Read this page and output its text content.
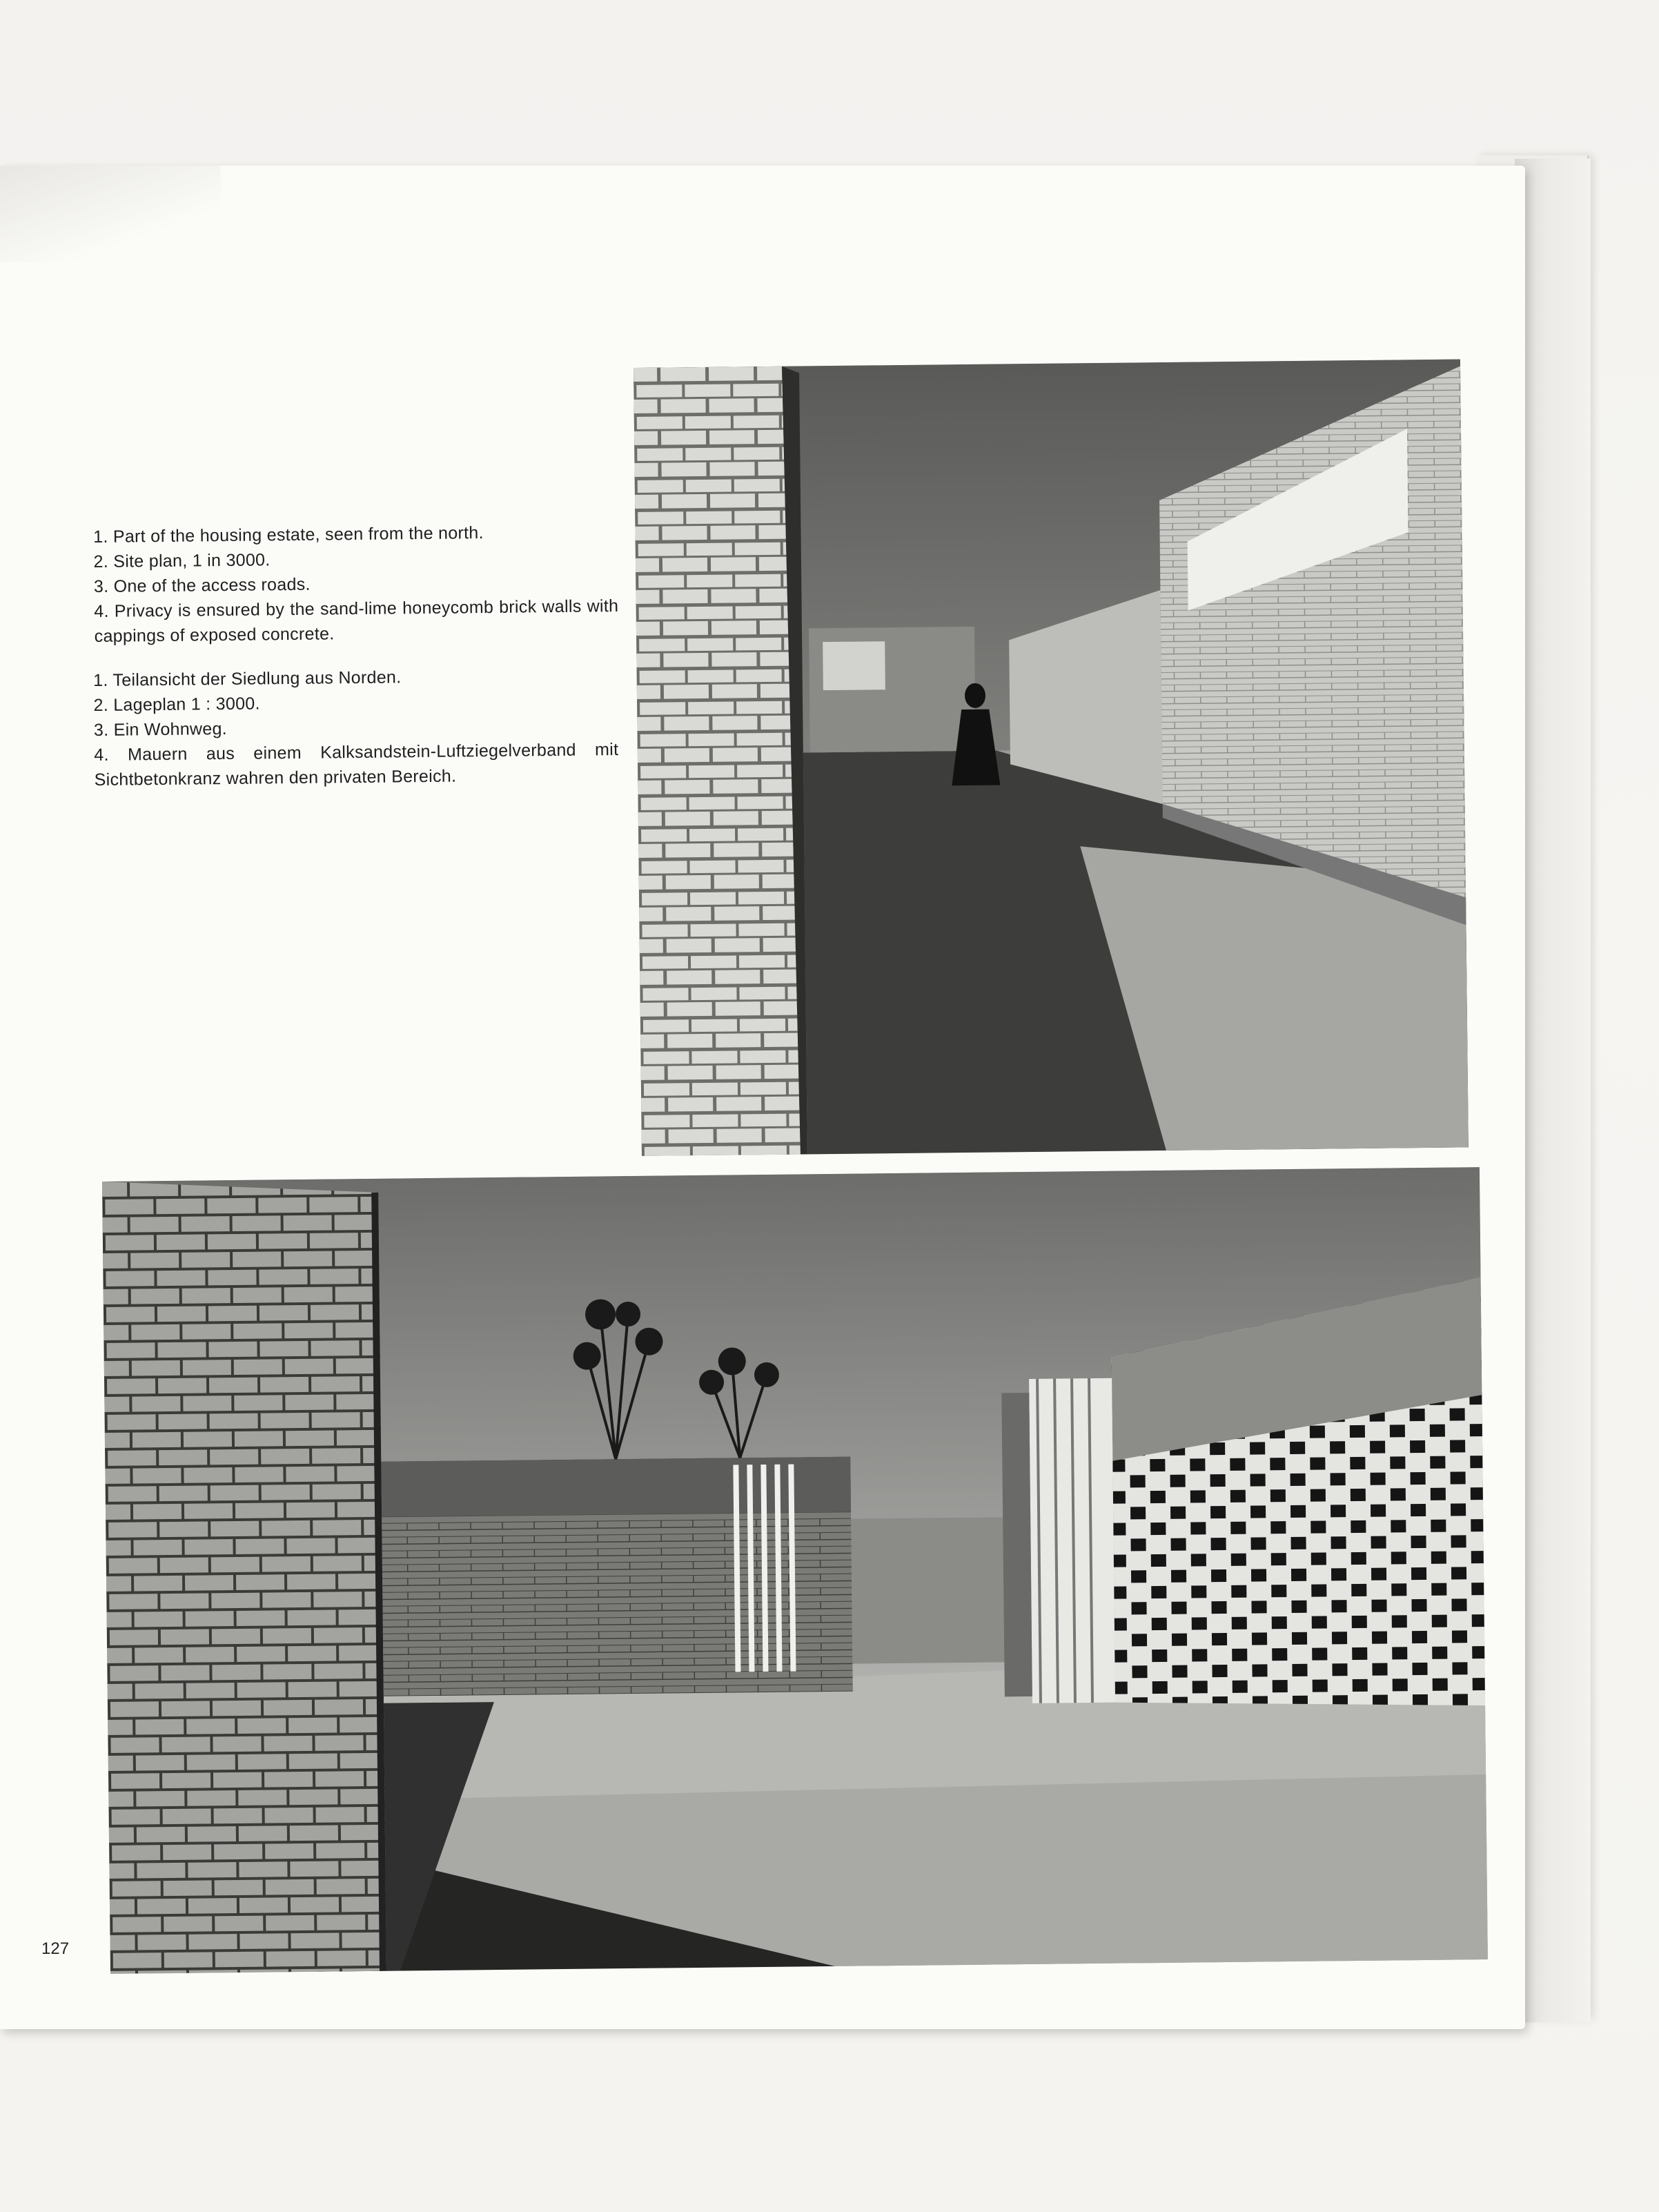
1. Part of the housing estate, seen from the north.

2. Site plan, 1 in 3000.

3. One of the access roads.

4. Privacy is ensured by the sand-lime honeycomb brick walls with cappings of exposed concrete.

1. Teilansicht der Siedlung aus Norden.

2. Lageplan 1 : 3000.

3. Ein Wohnweg.

4. Mauern aus einem Kalksandstein-Luftziegelverband mit Sichtbetonkranz wahren den privaten Bereich.

127
